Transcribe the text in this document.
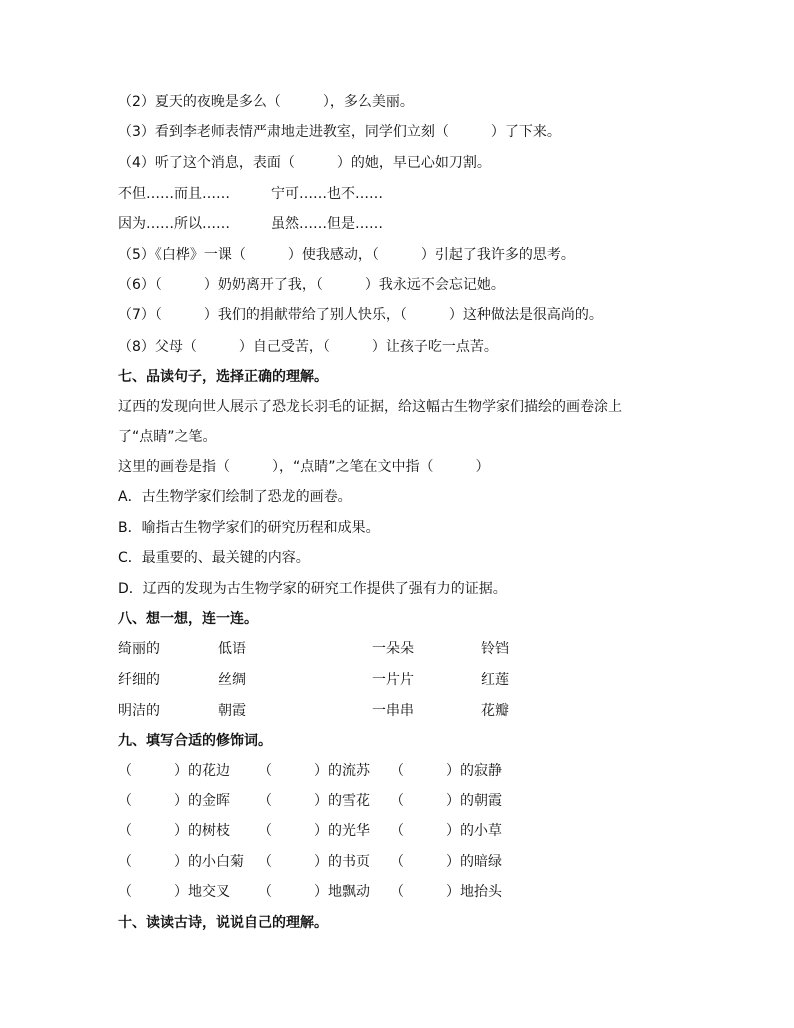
（2）夏天的夜晚是多么（　　　），多么美丽。
（3）看到李老师表情严肃地走进教室，同学们立刻（　　　）了下来。
（4）听了这个消息，表面（　　　）的她，早已心如刀割。
不但……而且……	宁可……也不……
因为……所以……	虽然……但是……
（5）《白桦》一课（　　　）使我感动，（　　　）引起了我许多的思考。
（6）（　　　）奶奶离开了我，（　　　）我永远不会忘记她。
（7）（　　　）我们的捐献带给了别人快乐，（　　　）这种做法是很高尚的。
（8）父母（　　　）自己受苦，（　　　）让孩子吃一点苦。
七、品读句子，选择正确的理解。
辽西的发现向世人展示了恐龙长羽毛的证据，给这幅古生物学家们描绘的画卷涂上
了“点睛”之笔。
这里的画卷是指（　　　），“点睛”之笔在文中指（　　　）
A．古生物学家们绘制了恐龙的画卷。
B．喻指古生物学家们的研究历程和成果。
C．最重要的、最关键的内容。
D．辽西的发现为古生物学家的研究工作提供了强有力的证据。
八、想一想，连一连。
绮丽的	低语	一朵朵	铃铛
纤细的	丝绸	一片片	红莲
明洁的	朝霞	一串串	花瓣
九、填写合适的修饰词。
（　　　）的花边 （　　　）的流苏 （　　　）的寂静
（　　　）的金晖 （　　　）的雪花 （　　　）的朝霞
（　　　）的树枝 （　　　）的光华 （　　　）的小草
（　　　）的小白菊 （　　　）的书页 （　　　）的暗绿
（　　　）地交叉 （　　　）地飘动 （　　　）地抬头
十、读读古诗，说说自己的理解。
